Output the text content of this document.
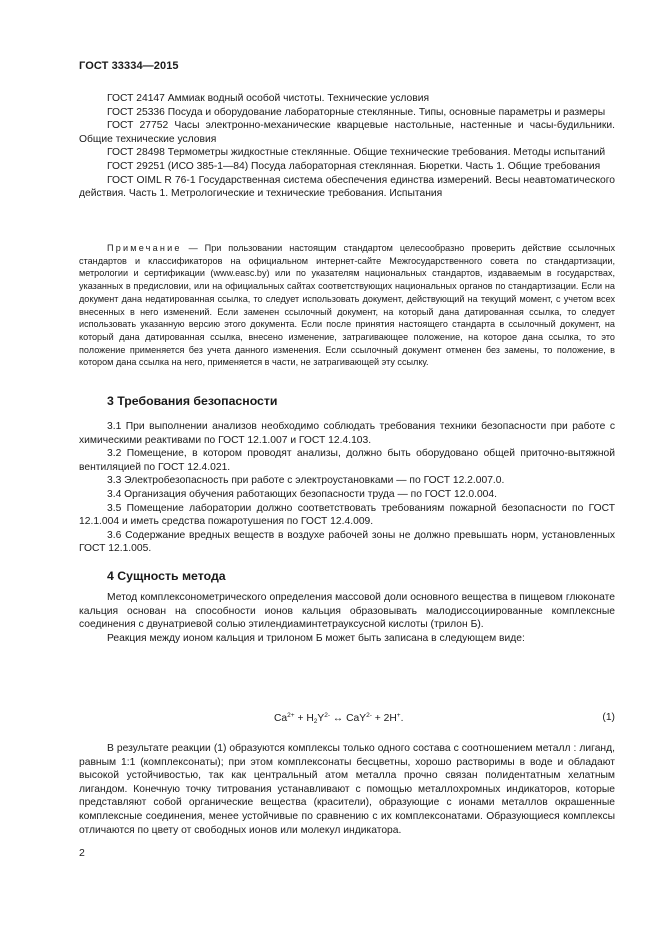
ГОСТ 33334—2015

ГОСТ 24147 Аммиак водный особой чистоты. Технические условия

ГОСТ 25336 Посуда и оборудование лабораторные стеклянные. Типы, основные параметры и размеры

ГОСТ 27752 Часы электронно-механические кварцевые настольные, настенные и часы-будильники. Общие технические условия

ГОСТ 28498 Термометры жидкостные стеклянные. Общие технические требования. Методы испытаний

ГОСТ 29251 (ИСО 385-1—84) Посуда лабораторная стеклянная. Бюретки. Часть 1. Общие требования

ГОСТ OIML R 76-1 Государственная система обеспечения единства измерений. Весы неавтоматического действия. Часть 1. Метрологические и технические требования. Испытания

Примечание — При пользовании настоящим стандартом целесообразно проверить действие ссылочных стандартов и классификаторов на официальном интернет-сайте Межгосударственного совета по стандартизации, метрологии и сертификации (www.easc.by) или по указателям национальных стандартов, издаваемым в государствах, указанных в предисловии, или на официальных сайтах соответствующих национальных органов по стандартизации. Если на документ дана недатированная ссылка, то следует использовать документ, действующий на текущий момент, с учетом всех внесенных в него изменений. Если заменен ссылочный документ, на который дана датированная ссылка, то следует использовать указанную версию этого документа. Если после принятия настоящего стандарта в ссылочный документ, на который дана датированная ссылка, внесено изменение, затрагивающее положение, на которое дана ссылка, то это положение применяется без учета данного изменения. Если ссылочный документ отменен без замены, то положение, в котором дана ссылка на него, применяется в части, не затрагивающей эту ссылку.

3 Требования безопасности

3.1 При выполнении анализов необходимо соблюдать требования техники безопасности при работе с химическими реактивами по ГОСТ 12.1.007 и ГОСТ 12.4.103.

3.2 Помещение, в котором проводят анализы, должно быть оборудовано общей приточно-вытяжной вентиляцией по ГОСТ 12.4.021.

3.3 Электробезопасность при работе с электроустановками — по ГОСТ 12.2.007.0.

3.4 Организация обучения работающих безопасности труда — по ГОСТ 12.0.004.

3.5 Помещение лаборатории должно соответствовать требованиям пожарной безопасности по ГОСТ 12.1.004 и иметь средства пожаротушения по ГОСТ 12.4.009.

3.6 Содержание вредных веществ в воздухе рабочей зоны не должно превышать норм, установленных ГОСТ 12.1.005.

4 Сущность метода

Метод комплексонометрического определения массовой доли основного вещества в пищевом глюконате кальция основан на способности ионов кальция образовывать малодиссоциированные комплексные соединения с двунатриевой солью этилендиаминтетрауксусной кислоты (трилон Б).

Реакция между ионом кальция и трилоном Б может быть записана в следующем виде:

$Ca^{2+} + H_2Y^{2-}$ ↔ CaY$^{2-}$ + 2H+.	(1)

В результате реакции (1) образуются комплексы только одного состава с соотношением металл : лиганд, равным 1:1 (комплексонаты); при этом комплексонаты бесцветны, хорошо растворимы в воде и обладают высокой устойчивостью, так как центральный атом металла прочно связан полидентатным хелатным лигандом. Конечную точку титрования устанавливают с помощью металлохромных индикаторов, которые представляют собой органические вещества (красители), образующие с ионами металлов окрашенные комплексные соединения, менее устойчивые по сравнению с их комплексонатами. Образующиеся комплексы отличаются по цвету от свободных ионов или молекул индикатора.

2
